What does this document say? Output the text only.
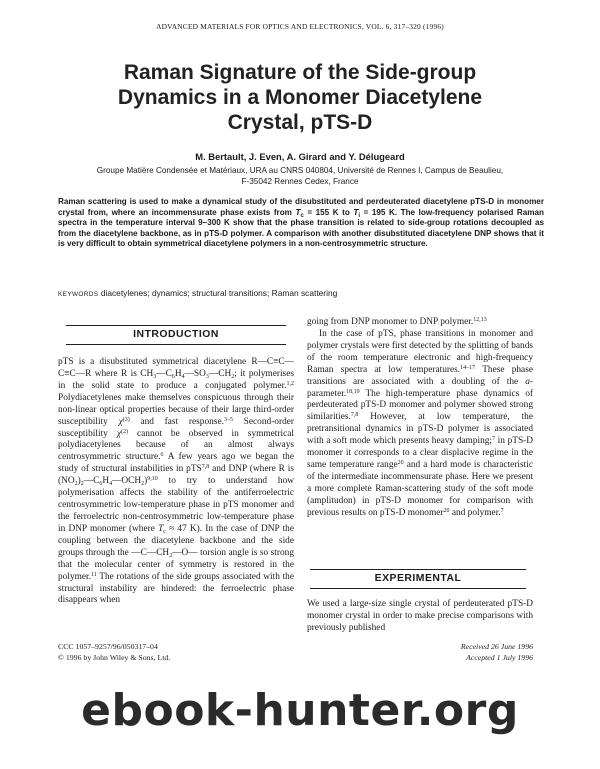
ADVANCED MATERIALS FOR OPTICS AND ELECTRONICS, VOL. 6, 317–320 (1996)
Raman Signature of the Side-group
Dynamics in a Monomer Diacetylene
Crystal, pTS-D
M. Bertault, J. Even, A. Girard and Y. Délugeard
Groupe Matière Condensée et Matériaux, URA au CNRS 040804, Université de Rennes I, Campus de Beaulieu,
F-35042 Rennes Cedex, France
Raman scattering is used to make a dynamical study of the disubstituted and perdeuterated diacetylene pTS-D in monomer crystal from, where an incommensurate phase exists from $T_c = 155$ K to $T_i = 195$ K. The low-frequency polarised Raman spectra in the temperature interval 9–300 K show that the phase transition is related to side-group rotations decoupled as from the diacetylene backbone, as in pTS-D polymer. A comparison with another disubstituted diacetylene DNP shows that it is very difficult to obtain symmetrical diacetylene polymers in a non-centrosymmetric structure.
KEYWORDS diacetylenes; dynamics; structural transitions; Raman scattering
INTRODUCTION

pTS is a disubstituted symmetrical diacetylene R—C≡C—C≡C—R where R is $CH_3—C_6H_4—SO_3—CH_2$; it polymerises in the solid state to produce a conjugated polymer.$^{1,2}$ Polydiacetylenes make themselves conspicuous through their non-linear optical properties because of their large third-order susceptibility $\chi^{(3)}$ and fast response.$^{3-5}$ Second-order susceptibility $\chi^{(2)}$ cannot be observed in symmetrical polydiacetylenes because of an almost always centrosymmetric structure.$^6$ A few years ago we began the study of structural instabilities in pTS$^{7,8}$ and DNP (where R is $(NO_2)_2—C_6H_4—OCH_2)^{9,10}$ to try to understand how polymerisation affects the stability of the antiferroelectric centrosymmetric low-temperature phase in pTS monomer and the ferroelectric non-centrosymmetric low-temperature phase in DNP monomer (where $T_c \approx 47$ K). In the case of DNP the coupling between the diacetylene backbone and the side groups through the $—C—CH_2—O—$ torsion angle is so strong that the molecular center of symmetry is restored in the polymer.$^{11}$ The rotations of the side groups associated with the structural instability are hindered: the ferroelectric phase disappears when

going from DNP monomer to DNP polymer.$^{12,13}$

In the case of pTS, phase transitions in monomer and polymer crystals were first detected by the splitting of bands of the room temperature electronic and high-frequency Raman spectra at low temperatures.$^{14-17}$ These phase transitions are associated with a doubling of the a-parameter.$^{18,19}$ The high-temperature phase dynamics of perdeuterated pTS-D monomer and polymer showed strong similarities.$^{7,8}$ However, at low temperature, the pretransitional dynamics in pTS-D polymer is associated with a soft mode which presents heavy damping;$^7$ in pTS-D monomer it corresponds to a clear displacive regime in the same temperature range$^{20}$ and a hard mode is characteristic of the intermediate incommensurate phase. Here we present a more complete Raman-scattering study of the soft mode (amplitudon) in pTS-D monomer for comparison with previous results on pTS-D monomer$^{20}$ and polymer.$^7$

EXPERIMENTAL

We used a large-size single crystal of perdeuterated pTS-D monomer crystal in order to make precise comparisons with previously published

CCC 1057–9257/96/050317–04
© 1996 by John Wiley & Sons, Ltd.
Received 26 June 1996
Accepted 1 July 1996
ebook-hunter.org
